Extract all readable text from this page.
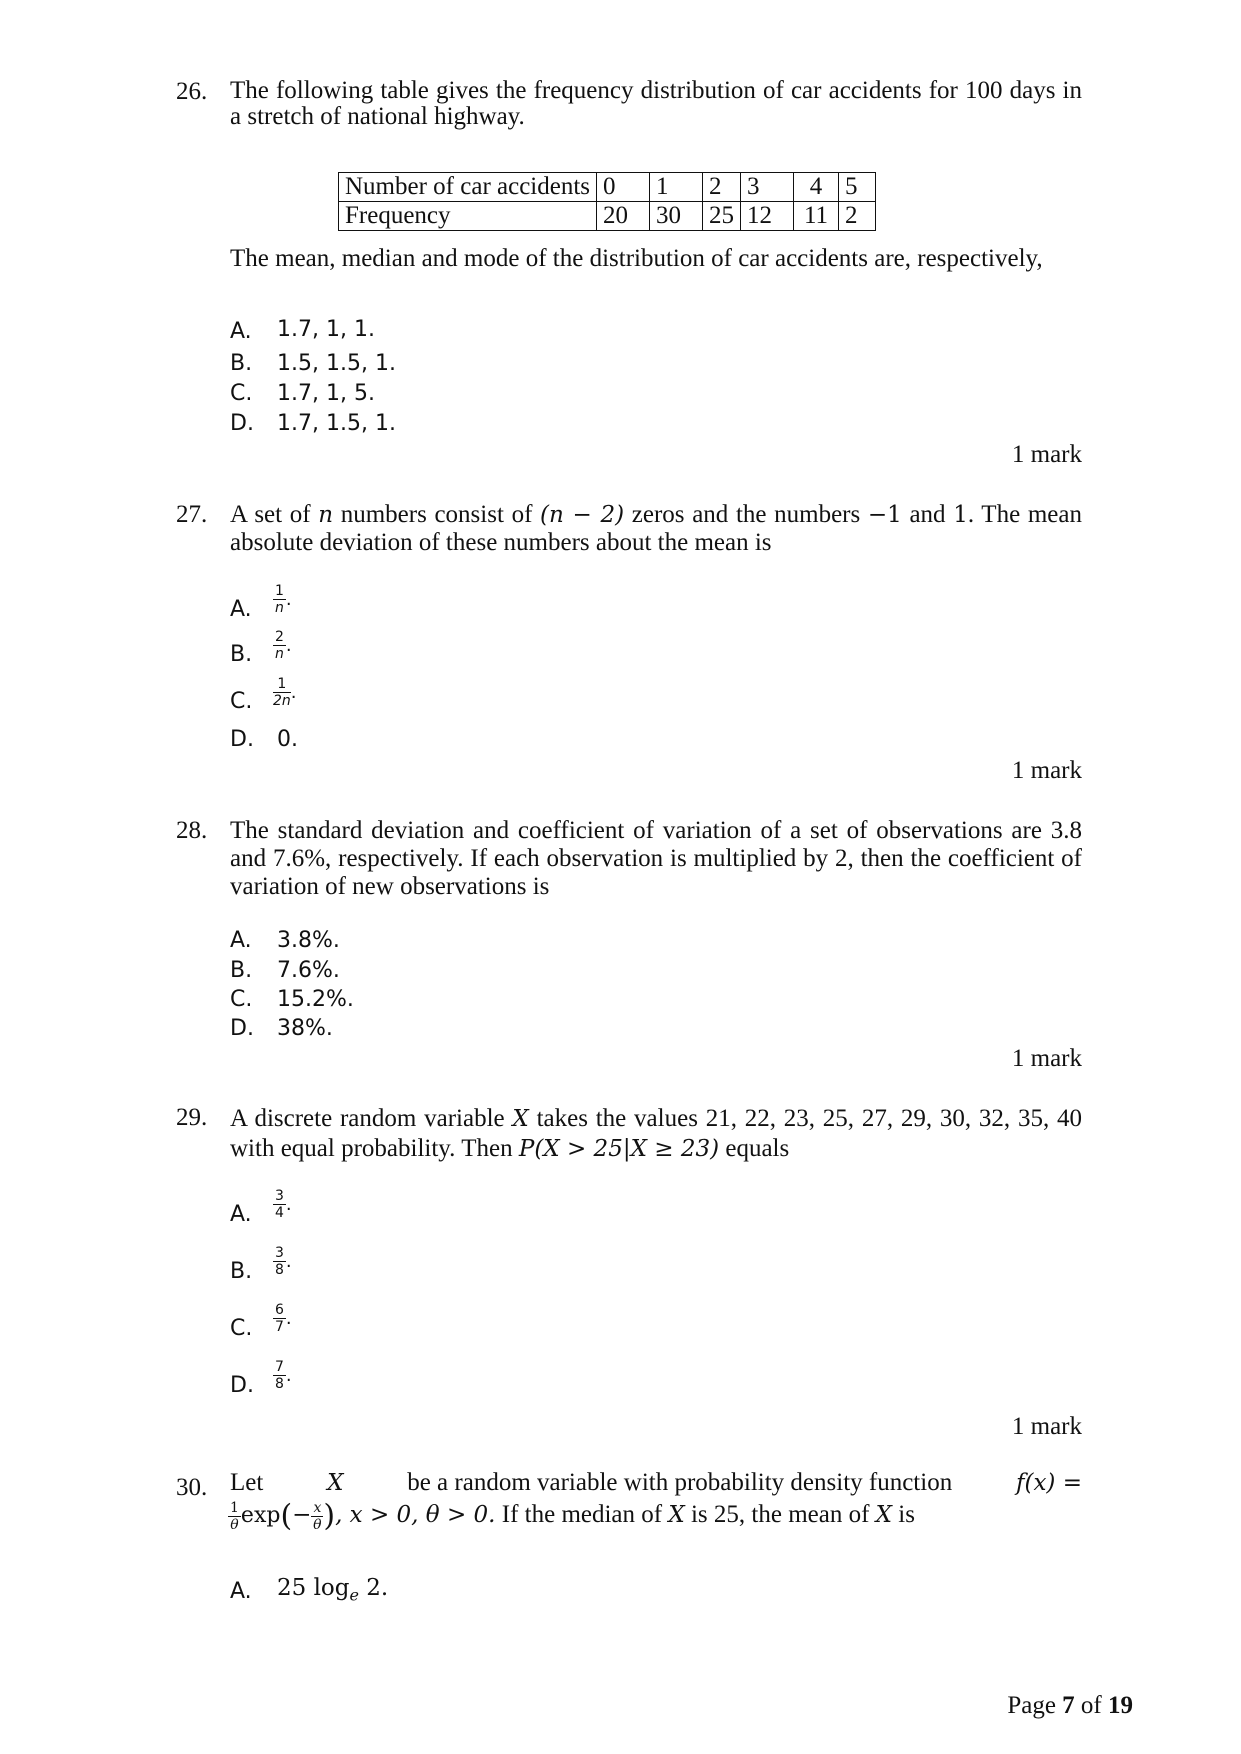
26. The following table gives the frequency distribution of car accidents for 100 days in a stretch of national highway.
Number of car accidents	0	1	2	3	4	5
Frequency	20	30	25	12	11	2
The mean, median and mode of the distribution of car accidents are, respectively,
A. 1.7, 1, 1.
B. 1.5, 1.5, 1.
C. 1.7, 1, 5.
D. 1.7, 1.5, 1.
1 mark
27. A set of n numbers consist of (n − 2) zeros and the numbers −1 and 1. The mean absolute deviation of these numbers about the mean is
A. $\frac{1}{n}$ .
B. $\frac{2}{n}$ .
C. $\frac{1}{2n}$ .
D. 0.
1 mark
28. The standard deviation and coefficient of variation of a set of observations are 3.8 and 7.6%, respectively. If each observation is multiplied by 2, then the coefficient of variation of new observations is
A. 3.8%.
B. 7.6%.
C. 15.2%.
D. 38%.
1 mark
29. A discrete random variable X takes the values 21, 22, 23, 25, 27, 29, 30, 32, 35, 40 with equal probability. Then P(X > 25|X ≥ 23) equals
A. $\frac{3}{4}$ .
B. $\frac{3}{8}$ .
C. $\frac{6}{7}$ .
D. $\frac{7}{8}$ .
1 mark
30. Let	X	be a random variable with probability density function	f(x) =
$\frac{1}{\theta} \exp(- \frac{x}{\theta}$ ), x > 0, θ > 0. If the median of X is 25, the mean of X is
A. 25 $\log_e 2$.
Page 7 of 19
